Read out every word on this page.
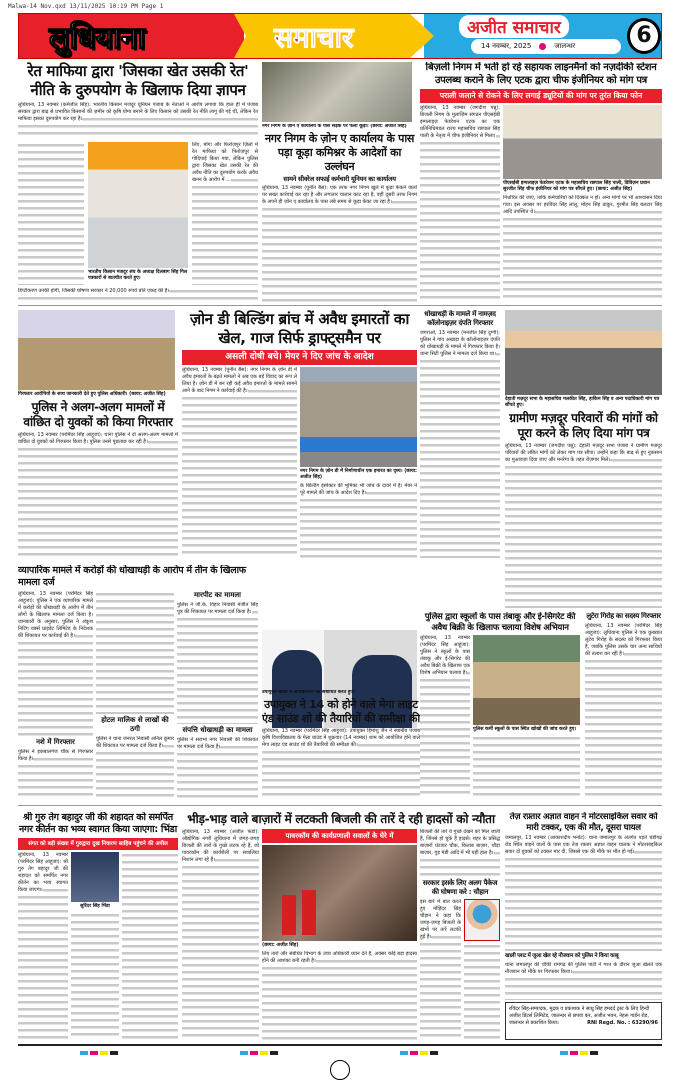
Malwa-14 Nov.qxd 13/11/2025 10:19 PM Page 1
लुधियाना	समाचार	अजीत समाचार
14 नवम्बर, 2025	जालन्धर	6
रेत माफिया द्वारा 'जिसका खेत उसकी रेत' नीति के दुरुपयोग के खिलाफ दिया ज्ञापन
लुधियाना, 13 नवम्बर (कर्मजीत सिंह): भारतीय किसान मजदूर यूनियन पंजाब के नेताओं ने आरोप लगाया कि हाल ही में पंजाब सरकार द्वारा बाढ़ से प्रभावित किसानों की ज़मीन को कृषि योग्य बनाने के लिए किसान को उसकी रेत नीति लागू की गई थी, लेकिन रेत माफिया इसका दुरुपयोग कर रहा है।
भारतीय किसान मजदूर संघ के अध्यक्ष दिलबाग सिंह गिल पत्रकारों से बातचीत करते हुए।
लिए, मोगा और फिरोज़पुर ज़िलों में रेत माफिया को फिरोज़पुर से गोदिपाई किया गया, लेकिन पुलिस द्वारा जिसका खेत उसकी रेत की अवैध नीति का दुरुपयोग करके अवैध खनन के आरोप में ...
डिप्टीकरण उनकी होगी, जिसकी घोषणा सरकार ने 20,000 रुपये प्रति एकड़ की है।
नगर निगम के ज़ोन ए कार्यालय के पास सड़क पर फैला कूड़ा। (छाया: अजीत सिंह)
नगर निगम के ज़ोन ए कार्यालय के पास पड़ा कूड़ा कमिश्नर के आदेशों का उल्लंघन
सामने सीवरेज सफाई कर्मचारी यूनियन का कार्यालय
लुधियाना, 13 नवम्बर (पुनीत बैंस): एक तरफ नगर निगम खुले में कूड़ा फेंकने वालों पर सख्त कार्रवाई कर रहा है और लगातार चालान काट रहा है, वहीं दूसरी तरफ निगम के अपने ही ज़ोन ए कार्यालय के पास लंबे समय से कूड़ा फेंका जा रहा है।
बिज़ली निगम में भर्ती हो रहे सहायक लाइनमैनों को नज़दीकी स्टेशन उपलब्ध कराने के लिए एटक द्वारा चीफ इंजीनियर को मांग पत्र
पराली जलाने से रोकने के लिए लगाई ड्यूटियों की मांग पर तुरंत किया फोन
लुधियाना, 13 नवम्बर (जगदीश पन्नू): बिजली निगम के मुलाज़िम संगठन पीएसईबी इम्पलाइज़ फेडरेशन एटक का एक प्रतिनिधिमंडल राज्य महासचिव रछपाल सिंह पाली के नेतृत्व में चीफ इंजीनियर से मिला।
पीएसईबी इम्पलाइज़ फेडरेशन एटक के महासचिव रछपाल सिंह पाली, डिविज़न प्रधान सुरजीत सिंह चीफ इंजीनियर को मांग पत्र सौंपते हुए। (छाया: अजीत सिंह)
निर्धारित की जाएं, ताकि कर्मचारियों को दिक्कत न हो। अन्य मांगों पर भी आश्वासन दिया गया। इस अवसर पर हरविंदर सिंह लालू, मोहन सिंह ठाकुर, गुरमीत सिंह बलटार सिंह आदि उपस्थित थे।
गिरफ्तार आरोपियों के साथ जानकारी देते हुए पुलिस अधिकारी। (छाया: अजीत सिंह)
पुलिस ने अलग-अलग मामलों में वांछित दो युवकों को किया गिरफ्तार
लुधियाना, 13 नवम्बर (परमिंदर सिंह आहूजा): थाना पुलिस ने दो अलग-अलग मामलों में वांछित दो युवकों को गिरफ्तार किया है। पुलिस उनसे पूछताछ कर रही है।
ज़ोन डी बिल्डिंग ब्रांच में अवैध इमारतों का खेल, गाज सिर्फ ड्राफ्ट्समैन पर
असली दोषी बचे। मेयर ने दिए जांच के आदेश
लुधियाना, 13 नवम्बर (पुनीत बैंस): नगर निगम के ज़ोन डी में अवैध इमारतों के बढ़ते मामलों ने अब एक बड़े विवाद का रूप ले लिया है। ज़ोन डी में बन रही कई अवैध इमारतों के मामले सामने आने के बाद निगम ने कार्रवाई की है।
नगर निगम के ज़ोन डी में निर्माणाधीन एक इमारत का दृश्य। (छाया: अजीत सिंह)
के बिल्डिंग इंस्पेक्टर की भूमिका भी जांच के दायरे में है। मेयर ने पूरे मामले की जांच के आदेश दिए हैं।
धोखाधड़ी के मामले में नामज़द कॉलोनाइज़र दंपति गिरफ्तार
जगराओं, 13 नवम्बर (मनजीत सिंह दुग्गी): पुलिस ने गांव अखाड़ा के कॉलोनाइज़र दंपति को धोखाधड़ी के मामले में गिरफ्तार किया है। थाना सिटी पुलिस ने मामला दर्ज किया था।
देहाती मज़दूर सभा के महासचिव मलकीत सिंह, हाकिम सिंह व अन्य पदाधिकारी मांग पत्र सौंपते हुए।
ग्रामीण मज़दूर परिवारों की मांगों को पूरा करने के लिए दिया मांग पत्र
लुधियाना, 13 नवम्बर (जगदीश पन्नू): देहाती मज़दूर सभा पंजाब ने ग्रामीण मज़दूर परिवारों की लंबित मांगों को लेकर मांग पत्र सौंपा। उन्होंने कहा कि बाढ़ से हुए नुकसान का मुआवज़ा दिया जाए और मनरेगा के तहत रोज़गार मिले।
व्यापारिक मामले में करोड़ों की धोखाधड़ी के आरोप में तीन के खिलाफ मामला दर्ज
लुधियाना, 13 नवम्बर (परमिंदर सिंह आहूजा): पुलिस ने एक व्यापारिक मामले में करोड़ों की धोखाधड़ी के आरोप में तीन लोगों के खिलाफ मामला दर्ज किया है। जानकारी के अनुसार, पुलिस ने अंकुश निटिंग वर्क्स प्राइवेट लिमिटेड के निदेशक की शिकायत पर कार्रवाई की है।
नशे में गिरफ्तार
पुलिस ने इकबालगंज चौक से गिरफ्तार किया है।
होटल मालिक से लाखों की ठगी
पुलिस ने थाना जनरल निवासी अनिल कुमार की शिकायत पर मामला दर्ज किया है।
मारपीट का मामला
पुलिस ने जी.के. विहार निवासी मंजीत सिंह पुत्र की शिकायत पर मामला दर्ज किया है।
संपत्ति धोखाधड़ी का मामला
पुलिस ने सराभा नगर निवासी की शिकायत पर मामला दर्ज किया है।
उपायुक्त बैठक में अधिकारियों को संबोधित करते हुए।
उपायुक्त ने 14 को होने वाले मेगा लाइट एंड साउंड शो की तैयारियों की समीक्षा की
लुधियाना, 13 नवम्बर (परमिंदर सिंह आहूजा): उपायुक्त हिमांशु जैन ने स्थानीय पंजाब कृषि विश्वविद्यालय के मेला ग्राउंड में शुक्रवार (14 नवम्बर) शाम को आयोजित होने वाले मेगा लाइट एंड साउंड शो की तैयारियों की समीक्षा की।
पुलिस द्वारा स्कूलों के पास तंबाकू और ई-सिगरेट की अवैध बिक्री के खिलाफ चलाया विशेष अभियान
लुधियाना, 13 नवम्बर (परमिंदर सिंह आहूजा): पुलिस ने स्कूलों के पास तंबाकू और ई-सिगरेट की अवैध बिक्री के खिलाफ एक विशेष अभियान चलाया है।
पुलिस कर्मी स्कूलों के पास स्थित खोखों की जांच करते हुए।
लुटेरा गिरोह का सदस्य गिरफ्तार
लुधियाना, 13 नवम्बर (परमिंदर सिंह आहूजा): लुधियाना पुलिस ने एक कुख्यात लुटेरा गिरोह के सदस्य को गिरफ्तार किया है, जबकि पुलिस उसके चार अन्य साथियों की तलाश कर रही है।
श्री गुरु तेग बहादुर जी की शहादत को समर्पित नगर कीर्तन का भव्य स्वागत किया जाएगा: भिंडा
संगत को बड़ी संख्या में गुरुद्वारा दुख निवारण साहिब पहुंचने की अपील
लुधियाना, 13 नवम्बर (परमिंदर सिंह आहूजा): श्री गुरु तेग बहादुर जी की शहादत को समर्पित नगर कीर्तन का भव्य स्वागत किया जाएगा।
सुरिंदर सिंह भिंडा
भीड़-भाड़ वाले बाज़ारों में लटकती बिजली की तारें दे रही हादसों को न्यौता
लुधियाना, 13 नवम्बर (अजीत फंडों): औद्योगिक नगरी लुधियाना में जगह-जगह बिजली की तारों के गुच्छे लटक रहे हैं, जो पावरकॉम की कार्यशैली पर सवालिया निशान लगा रहे हैं।
पावरकॉम की कार्यप्रणाली सवालों के घेरे में
(छाया: अजीत सिंह)
लिए तारों और संबंधित विभाग के उच्च अधिकारी ध्यान देते हैं, अक्सर कोई बड़ा हादसा होने की आशंका बनी रहती है।
बिजली की तारें ये गुच्छे देखने को मिल जाती हैं, जिनसे हो चुके हैं हादसे। शहर के प्रसिद्ध बाज़ारों घंटाघर चौक, किताब बाज़ार, चौड़ा बाज़ार, गुड़ मंडी आदि में भी यही हाल है।
सरकार इसके लिए अलग पैकेज की घोषणा करे : चौहान
इस बारे में बात करते हुए मोहिंदर सिंह चौहान ने कहा कि जगह-जगह बिजली के खंभों पर तारें लटकी हुई हैं।
तेज़ रफ़्तार अज्ञात वाहन ने मोटरसाइकिल सवार को मारी टक्कर, एक की मौत, दूसरा घायल
जमालपुर, 13 नवम्बर (आकाशदीप भनोट): थाना जमालपुर के अंतर्गत पड़ते चंडीगढ़ रोड स्थित वाहने वालों के पास एक तेज़ रफ़्तार अज्ञात वाहन चालक ने मोटरसाइकिल सवार दो युवकों को टक्कर मार दी, जिससे एक की मौके पर मौत हो गई।
खाली प्लाट में जुआ खेल रहे नौजवान को पुलिस ने किया काबू
थाना जमालपुर की चौकी रामगढ़ की पुलिस पार्टी ने गश्त के दौरान जुआ खेलते एक नौजवान को मौके पर गिरफ्तार किया।
रविंदर सिंह-सम्पादक, मुद्रक व प्रकाशक ने साधु सिंह हमदर्द ट्रस्ट के लिए हिन्दी अजीत प्रिंटर्स लिमिटेड, जालन्धर से छपवा कर, अजीत भवन, नेहरू गार्डन रोड, जालन्धर से प्रकाशित किया।	RNI Regd. No. : 63290/96
